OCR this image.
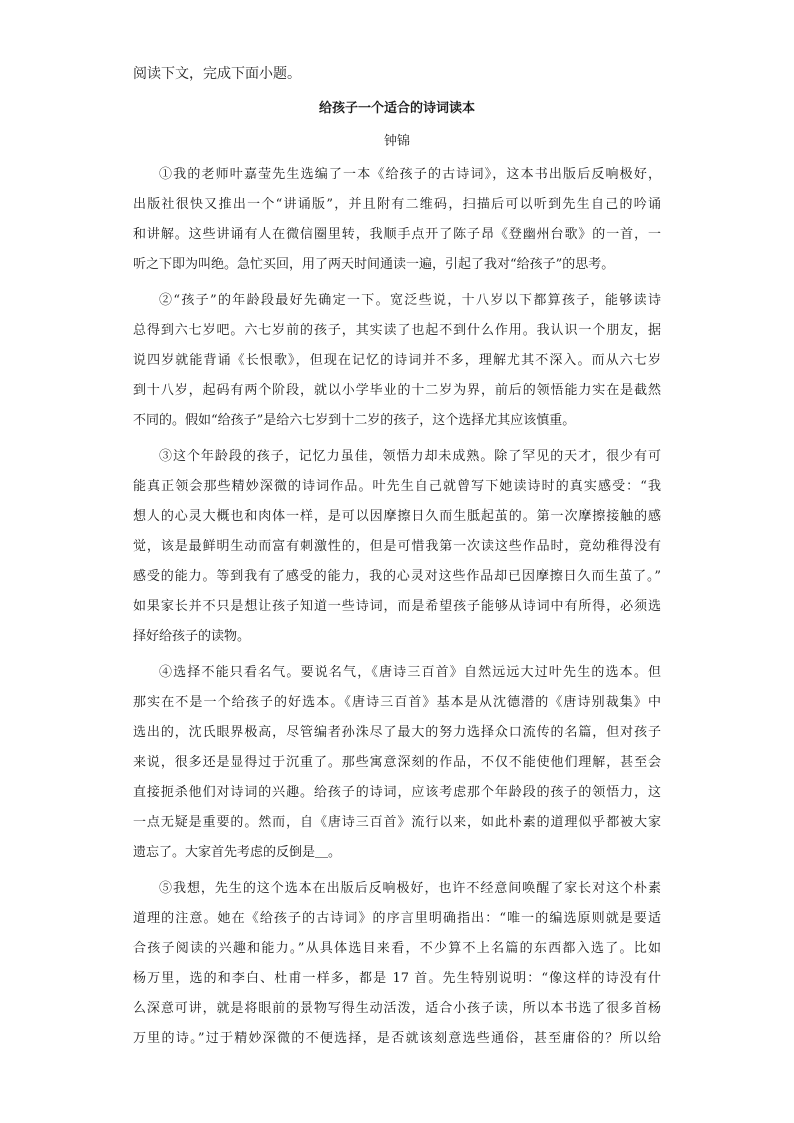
阅读下文，完成下面小题。
给孩子一个适合的诗词读本
钟锦
①我的老师叶嘉莹先生选编了一本《给孩子的古诗词》，这本书出版后反响极好，
出版社很快又推出一个“讲诵版”，并且附有二维码，扫描后可以听到先生自己的吟诵
和讲解。这些讲诵有人在微信圈里转，我顺手点开了陈子昂《登幽州台歌》的一首，一
听之下即为叫绝。急忙买回，用了两天时间通读一遍，引起了我对“给孩子”的思考。
②“孩子”的年龄段最好先确定一下。宽泛些说，十八岁以下都算孩子，能够读诗
总得到六七岁吧。六七岁前的孩子，其实读了也起不到什么作用。我认识一个朋友，据
说四岁就能背诵《长恨歌》，但现在记忆的诗词并不多，理解尤其不深入。而从六七岁
到十八岁，起码有两个阶段，就以小学毕业的十二岁为界，前后的领悟能力实在是截然
不同的。假如“给孩子”是给六七岁到十二岁的孩子，这个选择尤其应该慎重。
③这个年龄段的孩子，记忆力虽佳，领悟力却未成熟。除了罕见的天才，很少有可
能真正领会那些精妙深微的诗词作品。叶先生自己就曾写下她读诗时的真实感受：“我
想人的心灵大概也和肉体一样，是可以因摩擦日久而生胝起茧的。第一次摩擦接触的感
觉，该是最鲜明生动而富有刺激性的，但是可惜我第一次读这些作品时，竟幼稚得没有
感受的能力。等到我有了感受的能力，我的心灵对这些作品却已因摩擦日久而生茧了。”
如果家长并不只是想让孩子知道一些诗词，而是希望孩子能够从诗词中有所得，必须选
择好给孩子的读物。
④选择不能只看名气。要说名气，《唐诗三百首》自然远远大过叶先生的选本。但
那实在不是一个给孩子的好选本。《唐诗三百首》基本是从沈德潜的《唐诗别裁集》中
选出的，沈氏眼界极高，尽管编者孙洙尽了最大的努力选择众口流传的名篇，但对孩子
来说，很多还是显得过于沉重了。那些寓意深刻的作品，不仅不能使他们理解，甚至会
直接扼杀他们对诗词的兴趣。给孩子的诗词，应该考虑那个年龄段的孩子的领悟力，这
一点无疑是重要的。然而，自《唐诗三百首》流行以来，如此朴素的道理似乎都被大家
遗忘了。大家首先考虑的反倒是＿。
⑤我想，先生的这个选本在出版后反响极好，也许不经意间唤醒了家长对这个朴素
道理的注意。她在《给孩子的古诗词》的序言里明确指出：“唯一的编选原则就是要适
合孩子阅读的兴趣和能力。”从具体选目来看，不少算不上名篇的东西都入选了。比如
杨万里，选的和李白、杜甫一样多，都是 17 首。先生特别说明：“像这样的诗没有什
么深意可讲，就是将眼前的景物写得生动活泼，适合小孩子读，所以本书选了很多首杨
万里的诗。”过于精妙深微的不便选择，是否就该刻意选些通俗，甚至庸俗的？所以给
